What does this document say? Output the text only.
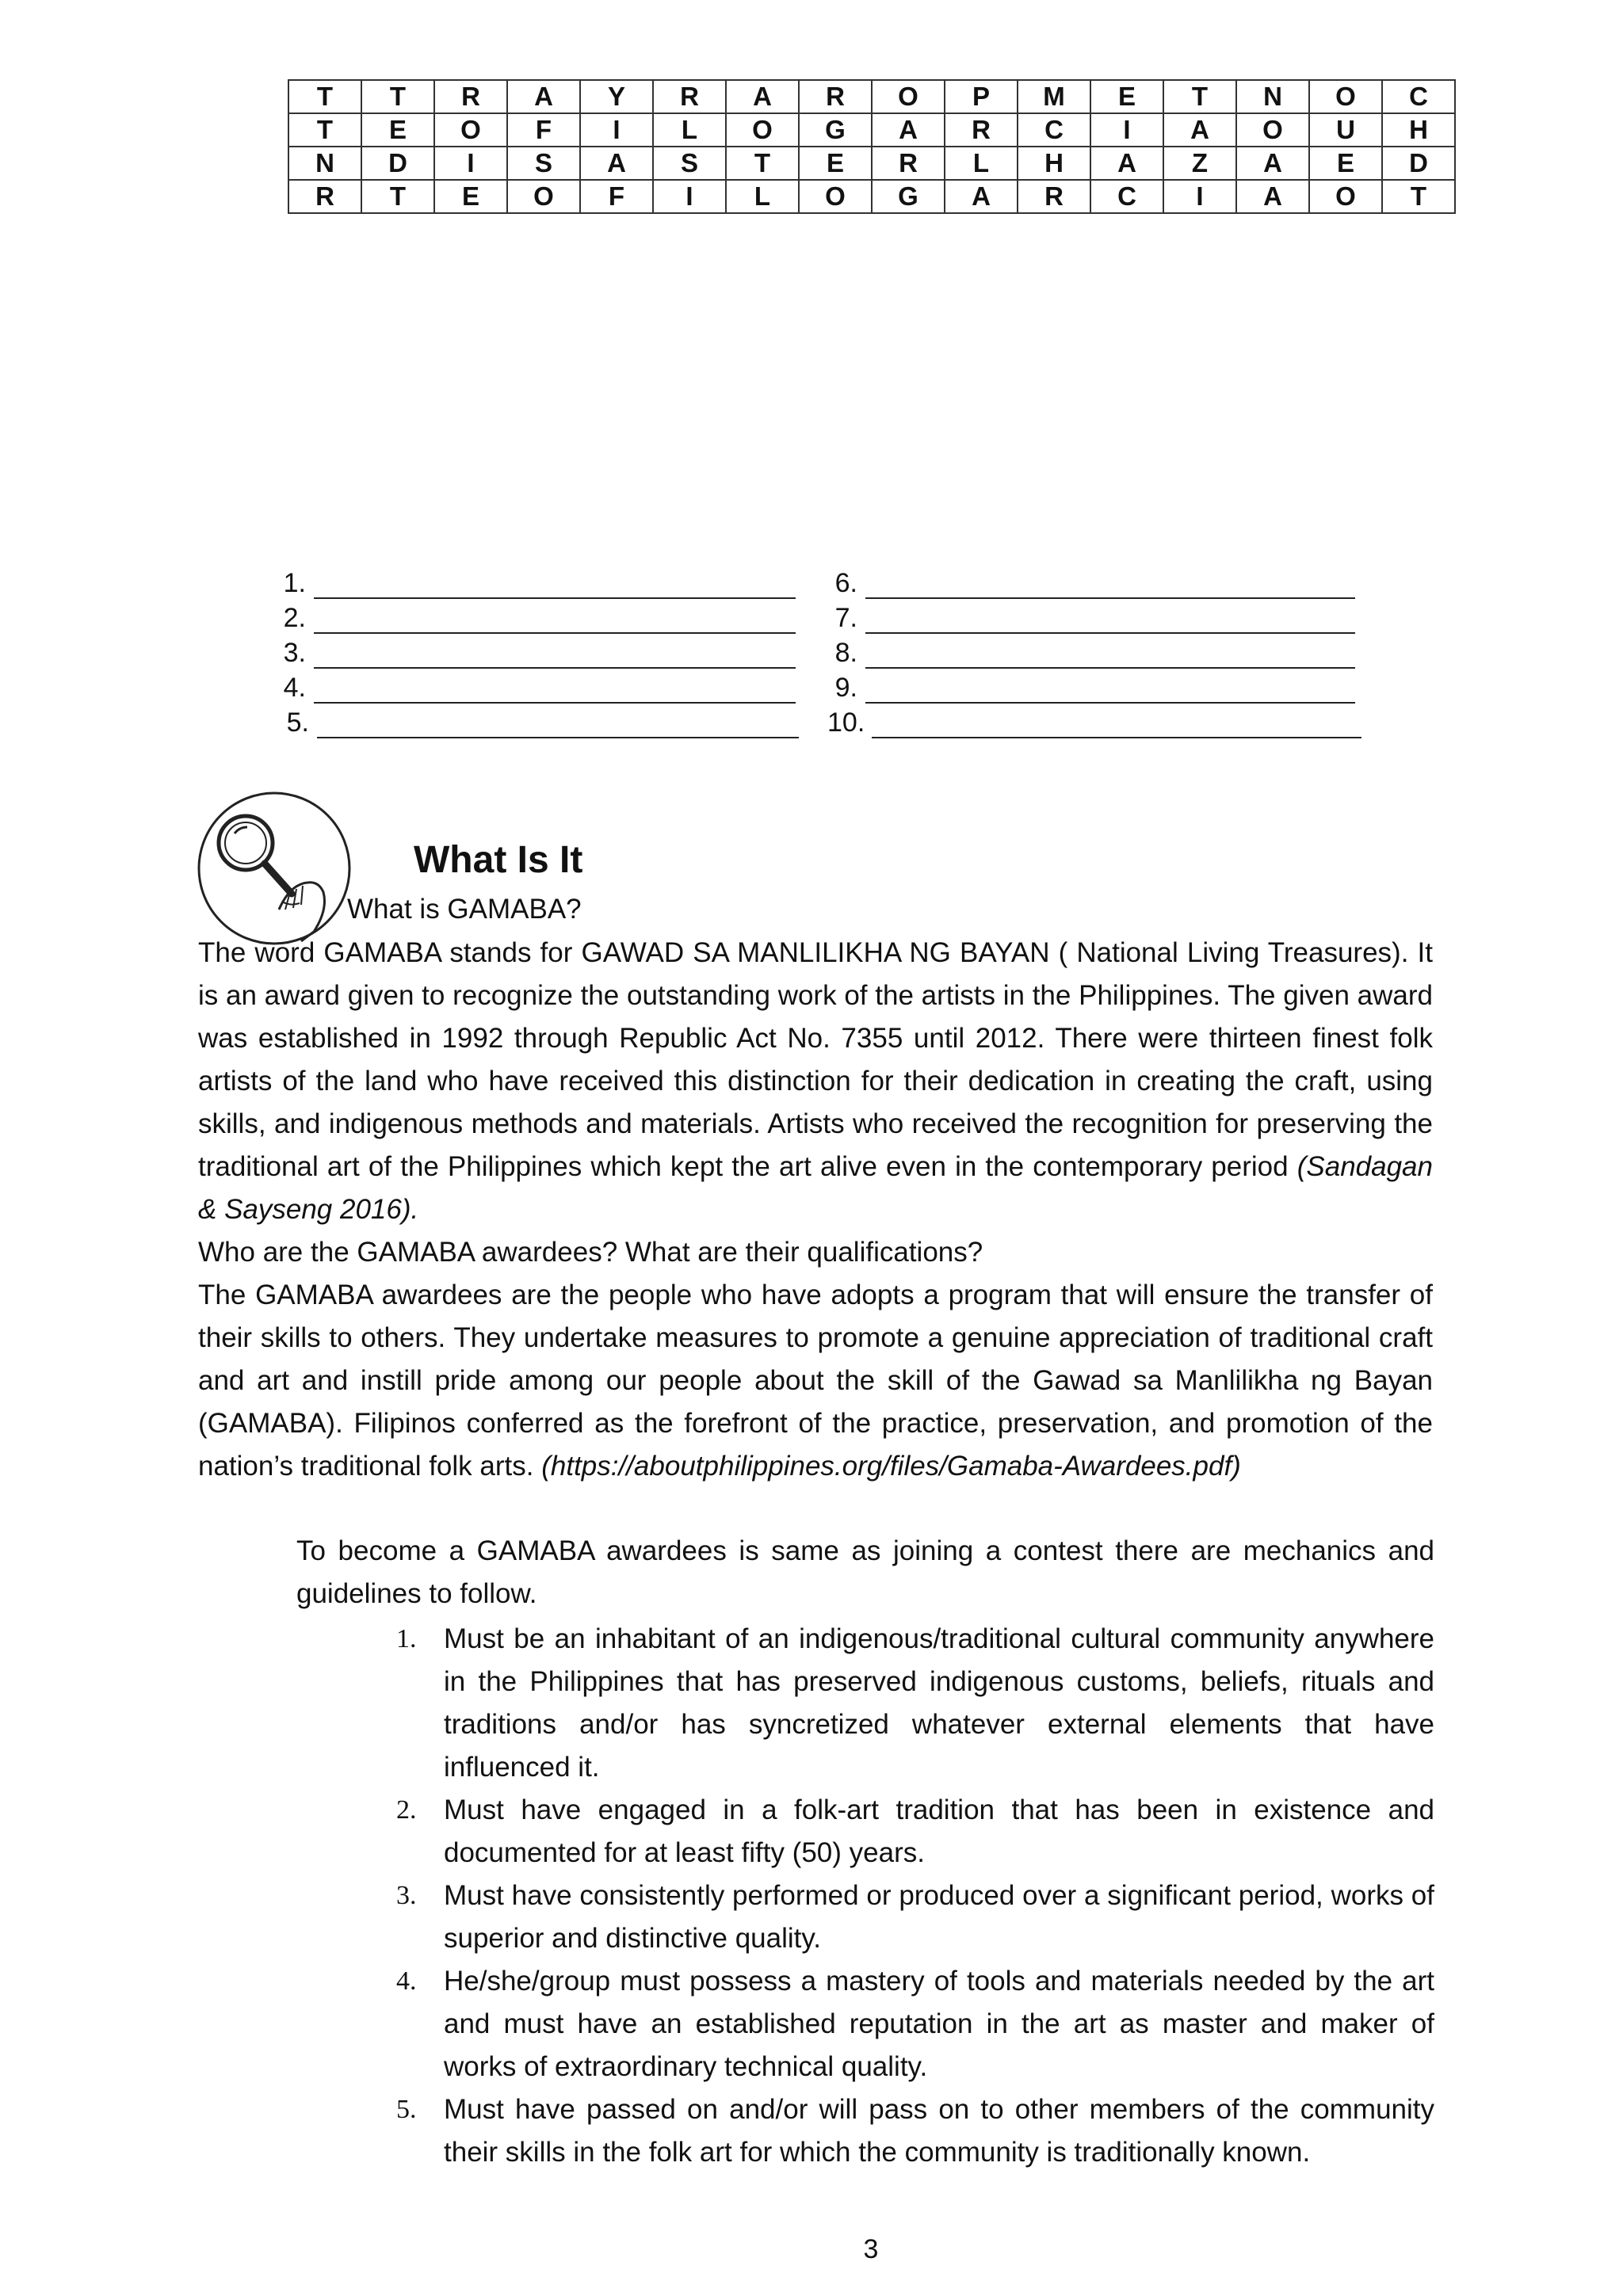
T	T	R	A	Y	R	A	R	O	P	M	E	T	N	O	C
T	E	O	F	I	L	O	G	A	R	C	I	A	O	U	H
N	D	I	S	A	S	T	E	R	L	H	A	Z	A	E	D
R	T	E	O	F	I	L	O	G	A	R	C	I	A	O	T
1.
2.
3.
4.
5.
6.
7.
8.
9.
10.
What Is It
What is GAMABA?
The word GAMABA stands for GAWAD SA MANLILIKHA NG BAYAN ( National Living Treasures). It is an award given to recognize the outstanding work of the artists in the Philippines. The given award was established in 1992 through Republic Act No. 7355 until 2012. There were thirteen finest folk artists of the land who have received this distinction for their dedication in creating the craft, using skills, and indigenous methods and materials. Artists who received the recognition for preserving the traditional art of the Philippines which kept the art alive even in the contemporary period (Sandagan & Sayseng 2016).
Who are the GAMABA awardees? What are their qualifications?
The GAMABA awardees are the people who have adopts a program that will ensure the transfer of their skills to others. They undertake measures to promote a genuine appreciation of traditional craft and art and instill pride among our people about the skill of the Gawad sa Manlilikha ng Bayan (GAMABA). Filipinos conferred as the forefront of the practice, preservation, and promotion of the nation’s traditional folk arts. (https://aboutphilippines.org/files/Gamaba-Awardees.pdf)
To become a GAMABA awardees is same as joining a contest there are mechanics and guidelines to follow.
1. Must be an inhabitant of an indigenous/traditional cultural community anywhere in the Philippines that has preserved indigenous customs, beliefs, rituals and traditions and/or has syncretized whatever external elements that have influenced it.
2. Must have engaged in a folk-art tradition that has been in existence and documented for at least fifty (50) years.
3. Must have consistently performed or produced over a significant period, works of superior and distinctive quality.
4. He/she/group must possess a mastery of tools and materials needed by the art and must have an established reputation in the art as master and maker of works of extraordinary technical quality.
5. Must have passed on and/or will pass on to other members of the community their skills in the folk art for which the community is traditionally known.
3
